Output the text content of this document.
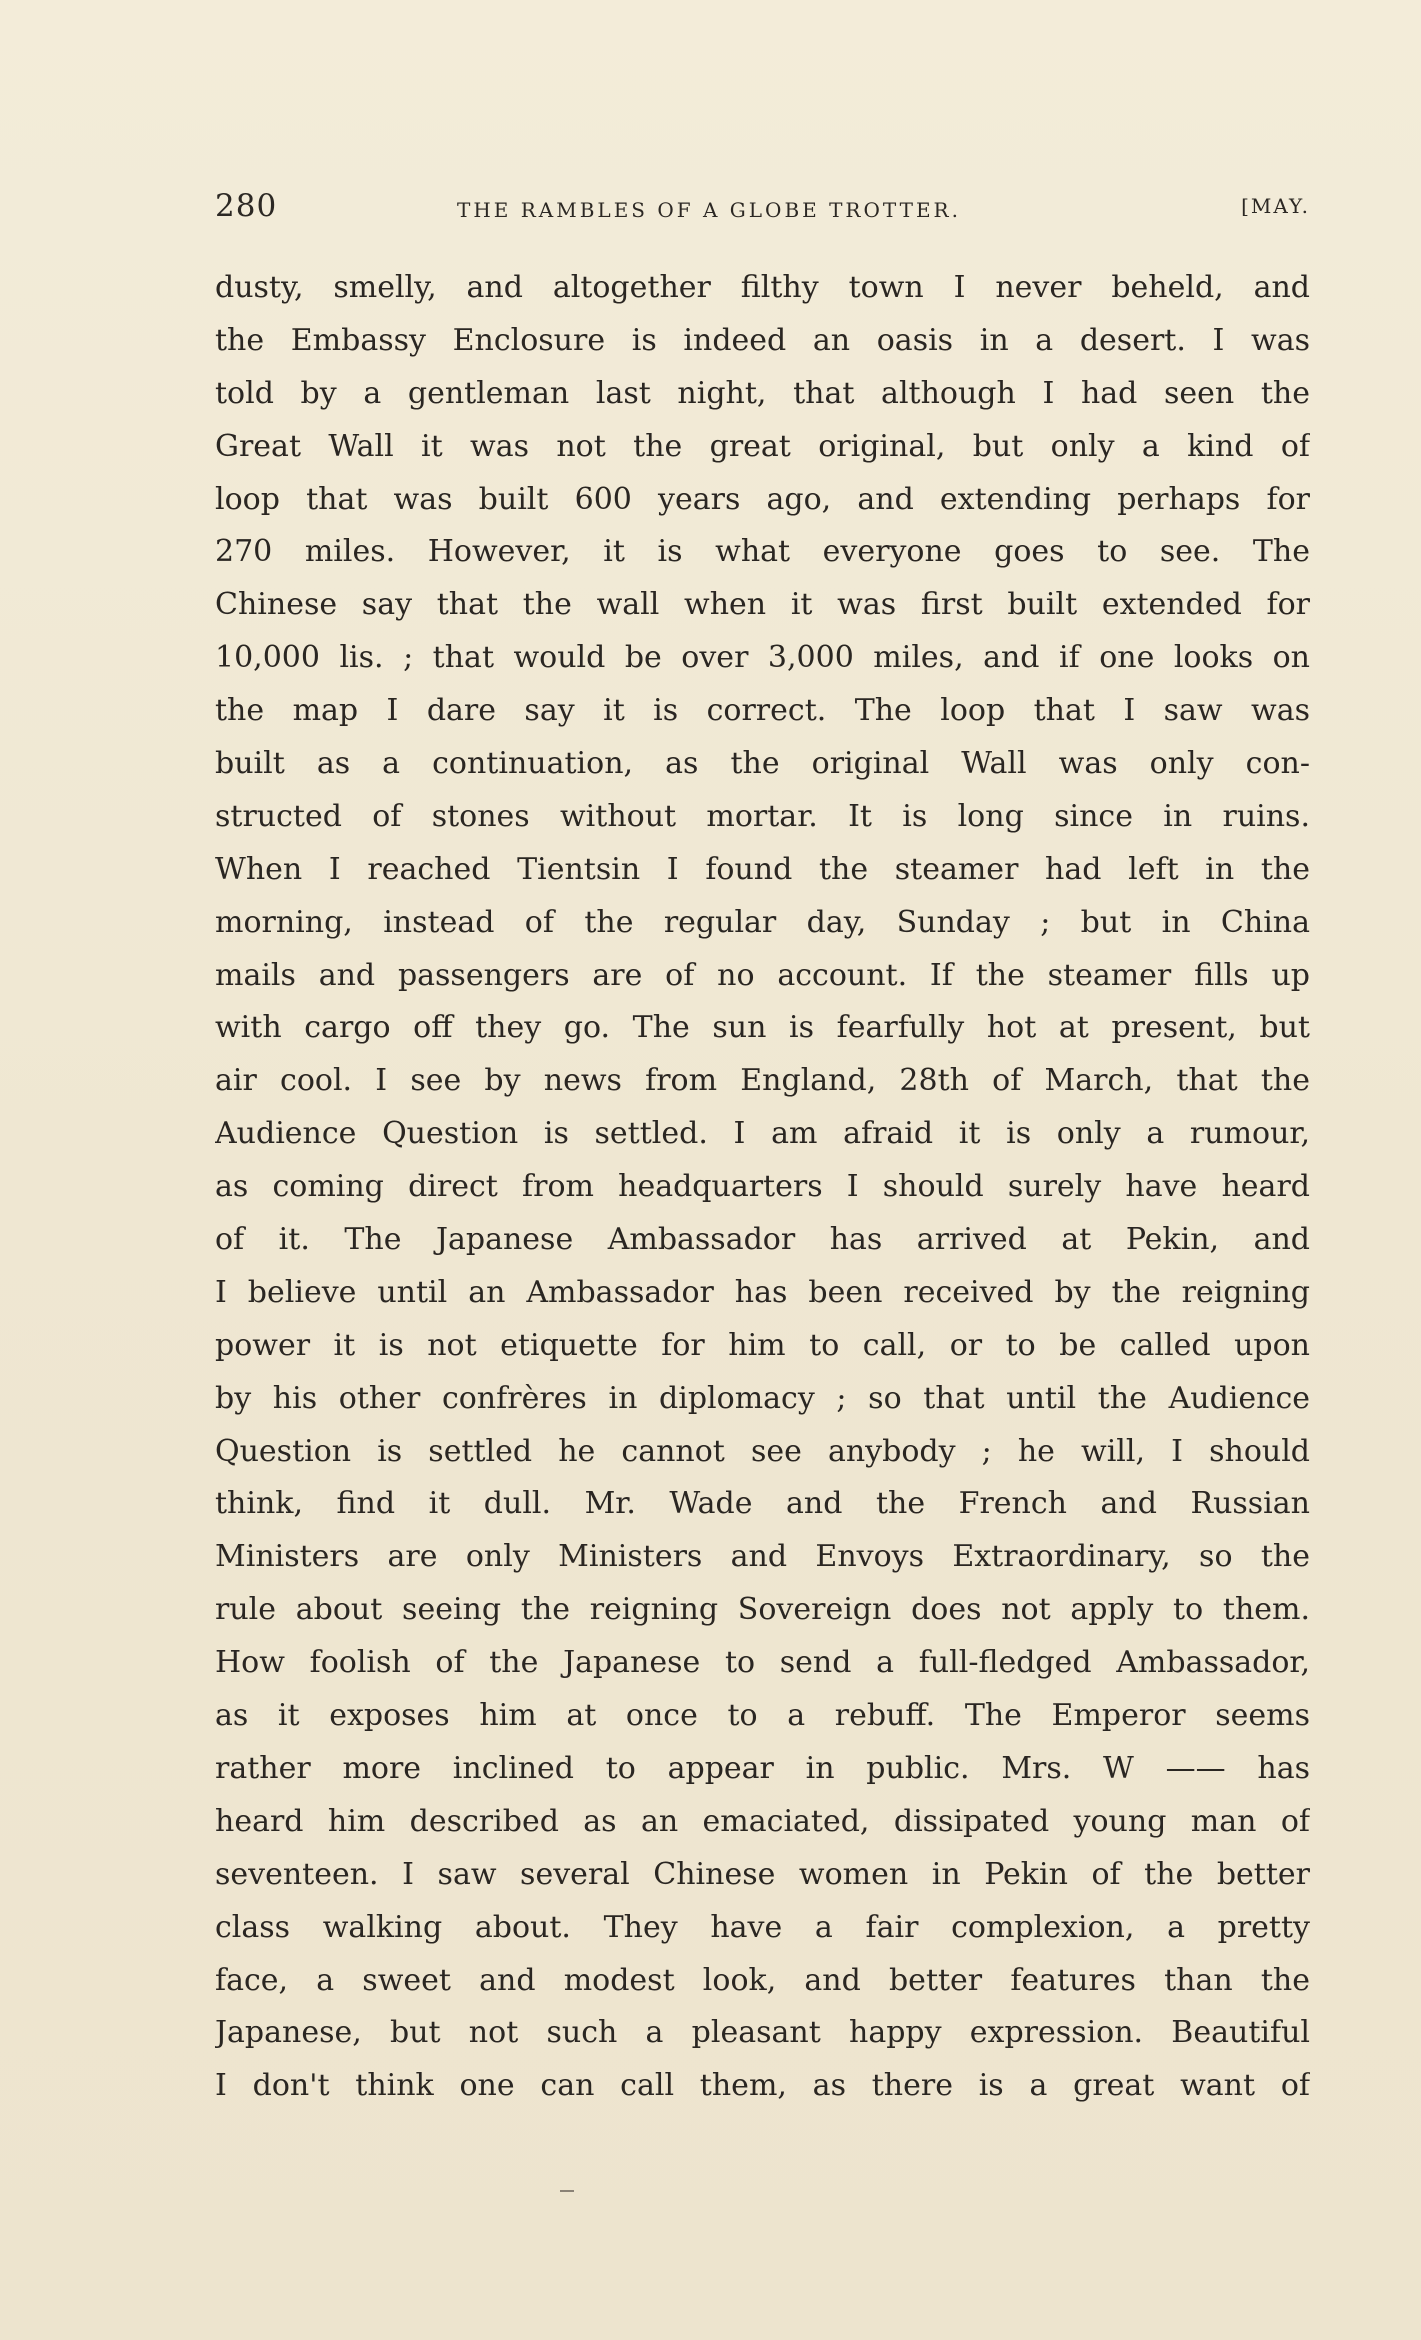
280	THE RAMBLES OF A GLOBE TROTTER.	[MAY.
dusty, smelly, and altogether filthy town I never beheld, and
the Embassy Enclosure is indeed an oasis in a desert. I was
told by a gentleman last night, that although I had seen the
Great Wall it was not the great original, but only a kind of
loop that was built 600 years ago, and extending perhaps for
270 miles. However, it is what everyone goes to see. The
Chinese say that the wall when it was first built extended for
10,000 lis. ; that would be over 3,000 miles, and if one looks on
the map I dare say it is correct. The loop that I saw was
built as a continuation, as the original Wall was only con-
structed of stones without mortar. It is long since in ruins.
When I reached Tientsin I found the steamer had left in the
morning, instead of the regular day, Sunday ; but in China
mails and passengers are of no account. If the steamer fills up
with cargo off they go. The sun is fearfully hot at present, but
air cool. I see by news from England, 28th of March, that the
Audience Question is settled. I am afraid it is only a rumour,
as coming direct from headquarters I should surely have heard
of it. The Japanese Ambassador has arrived at Pekin, and
I believe until an Ambassador has been received by the reigning
power it is not etiquette for him to call, or to be called upon
by his other confrères in diplomacy ; so that until the Audience
Question is settled he cannot see anybody ; he will, I should
think, find it dull. Mr. Wade and the French and Russian
Ministers are only Ministers and Envoys Extraordinary, so the
rule about seeing the reigning Sovereign does not apply to them.
How foolish of the Japanese to send a full-fledged Ambassador,
as it exposes him at once to a rebuff. The Emperor seems
rather more inclined to appear in public. Mrs. W —— has
heard him described as an emaciated, dissipated young man of
seventeen. I saw several Chinese women in Pekin of the better
class walking about. They have a fair complexion, a pretty
face, a sweet and modest look, and better features than the
Japanese, but not such a pleasant happy expression. Beautiful
I don't think one can call them, as there is a great want of
